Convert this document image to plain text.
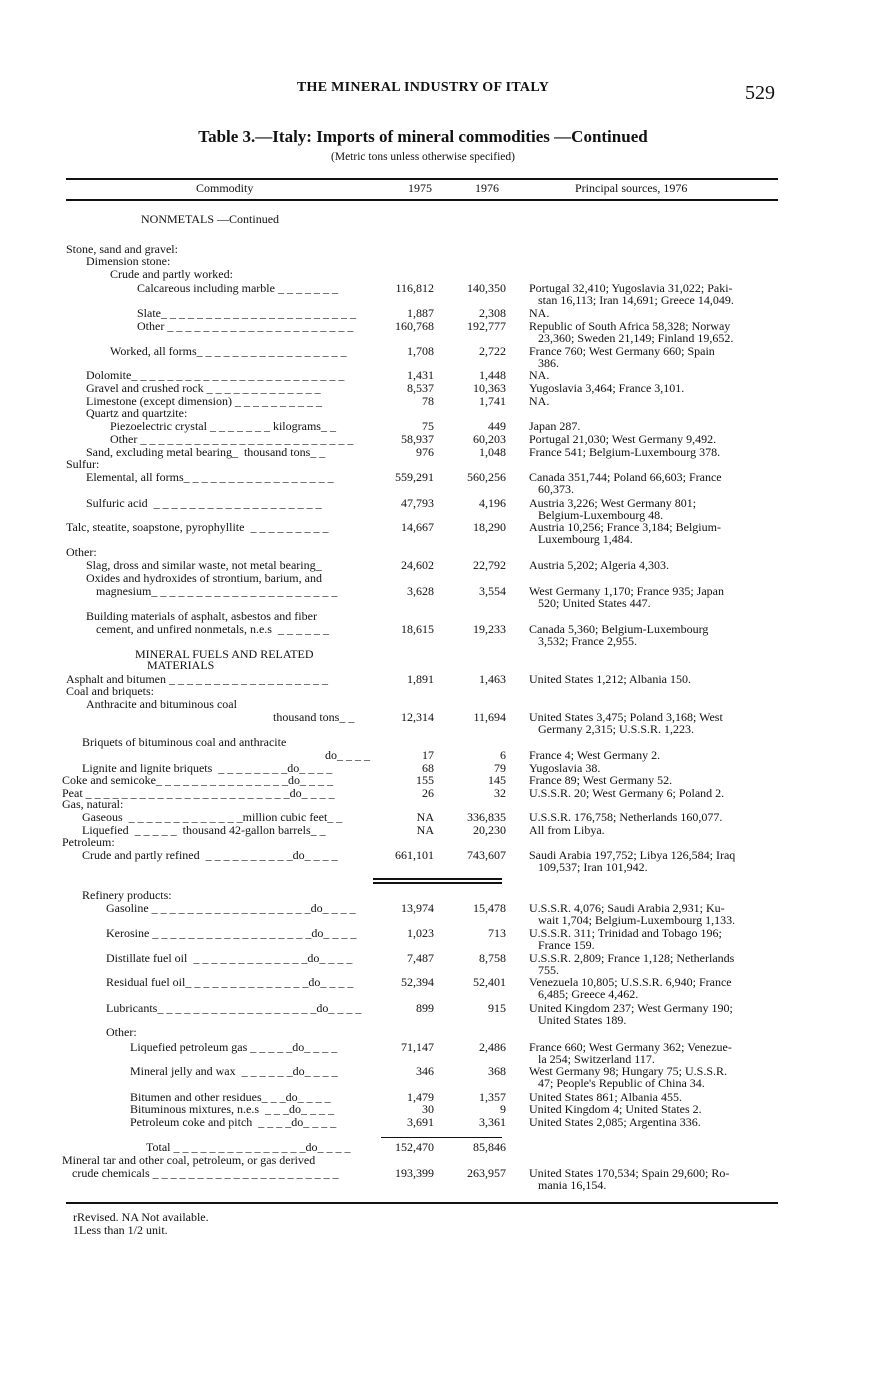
THE MINERAL INDUSTRY OF ITALY	529
Table 3.—Italy: Imports of mineral commodities —Continued
(Metric tons unless otherwise specified)
Commodity	1975	1976	Principal sources, 1976
NONMETALS —Continued
Stone, sand and gravel:
Dimension stone:
Crude and partly worked:
Calcareous including marble _ _ _ _ _ _ _	116,812	140,350 Portugal 32,410; Yugoslavia 31,022; Paki-
stan 16,113; Iran 14,691; Greece 14,049.
Slate_ _ _ _ _ _ _ _ _ _ _ _ _ _ _ _ _ _ _ _ _ _	1,887	2,308 NA.
Other _ _ _ _ _ _ _ _ _ _ _ _ _ _ _ _ _ _ _ _ _	160,768	192,777 Republic of South Africa 58,328; Norway
23,360; Sweden 21,149; Finland 19,652.
Worked, all forms_ _ _ _ _ _ _ _ _ _ _ _ _ _ _ _ _	1,708	2,722 France 760; West Germany 660; Spain
386.
Dolomite_ _ _ _ _ _ _ _ _ _ _ _ _ _ _ _ _ _ _ _ _ _ _ _	1,431	1,448 NA.
Gravel and crushed rock _ _ _ _ _ _ _ _ _ _ _ _ _	8,537	10,363 Yugoslavia 3,464; France 3,101.
Limestone (except dimension) _ _ _ _ _ _ _ _ _ _	78	1,741 NA.
Quartz and quartzite:
Piezoelectric crystal _ _ _ _ _ _ _ kilograms_ _	75	449 Japan 287.
Other _ _ _ _ _ _ _ _ _ _ _ _ _ _ _ _ _ _ _ _ _ _ _ _	58,937	60,203 Portugal 21,030; West Germany 9,492.
Sand, excluding metal bearing_  thousand tons_ _	976	1,048 France 541; Belgium-Luxembourg 378.
Sulfur:
Elemental, all forms_ _ _ _ _ _ _ _ _ _ _ _ _ _ _ _ _	559,291	560,256 Canada 351,744; Poland 66,603; France
60,373.
Sulfuric acid  _ _ _ _ _ _ _ _ _ _ _ _ _ _ _ _ _ _ _	47,793	4,196 Austria 3,226; West Germany 801;
Belgium-Luxembourg 48.
Talc, steatite, soapstone, pyrophyllite  _ _ _ _ _ _ _ _ _	14,667	18,290 Austria 10,256; France 3,184; Belgium-
Luxembourg 1,484.
Other:
Slag, dross and similar waste, not metal bearing_	24,602	22,792 Austria 5,202; Algeria 4,303.
Oxides and hydroxides of strontium, barium, and
magnesium_ _ _ _ _ _ _ _ _ _ _ _ _ _ _ _ _ _ _ _ _	3,628	3,554 West Germany 1,170; France 935; Japan
520; United States 447.
Building materials of asphalt, asbestos and fiber
cement, and unfired nonmetals, n.e.s  _ _ _ _ _ _	18,615	19,233 Canada 5,360; Belgium-Luxembourg
3,532; France 2,955.
MINERAL FUELS AND RELATED
MATERIALS
Asphalt and bitumen _ _ _ _ _ _ _ _ _ _ _ _ _ _ _ _ _ _	1,891	1,463 United States 1,212; Albania 150.
Coal and briquets:
Anthracite and bituminous coal
thousand tons_ _	12,314	11,694 United States 3,475; Poland 3,168; West
Germany 2,315; U.S.S.R. 1,223.
Briquets of bituminous coal and anthracite
do_ _ _ _	17	6 France 4; West Germany 2.
Lignite and lignite briquets  _ _ _ _ _ _ _ _do_ _ _ _	68	79 Yugoslavia 38.
Coke and semicoke_ _ _ _ _ _ _ _ _ _ _ _ _ _ _do_ _ _ _	155	145 France 89; West Germany 52.
Peat _ _ _ _ _ _ _ _ _ _ _ _ _ _ _ _ _ _ _ _ _ _ _do_ _ _ _	26	32 U.S.S.R. 20; West Germany 6; Poland 2.
Gas, natural:
Gaseous  _ _ _ _ _ _ _ _ _ _ _ _ _million cubic feet_ _	NA	336,835 U.S.S.R. 176,758; Netherlands 160,077.
Liquefied  _ _ _ _ _  thousand 42-gallon barrels_ _	NA	20,230 All from Libya.
Petroleum:
Crude and partly refined  _ _ _ _ _ _ _ _ _ _do_ _ _ _	661,101	743,607 Saudi Arabia 197,752; Libya 126,584; Iraq
109,537; Iran 101,942.
Refinery products:
Gasoline _ _ _ _ _ _ _ _ _ _ _ _ _ _ _ _ _ _do_ _ _ _	13,974	15,478 U.S.S.R. 4,076; Saudi Arabia 2,931; Ku-
wait 1,704; Belgium-Luxembourg 1,133.
Kerosine _ _ _ _ _ _ _ _ _ _ _ _ _ _ _ _ _ _do_ _ _ _	1,023	713 U.S.S.R. 311; Trinidad and Tobago 196;
France 159.
Distillate fuel oil  _ _ _ _ _ _ _ _ _ _ _ _ _do_ _ _ _	7,487	8,758 U.S.S.R. 2,809; France 1,128; Netherlands
755.
Residual fuel oil_ _ _ _ _ _ _ _ _ _ _ _ _ _do_ _ _ _	52,394	52,401 Venezuela 10,805; U.S.S.R. 6,940; France
6,485; Greece 4,462.
Lubricants_ _ _ _ _ _ _ _ _ _ _ _ _ _ _ _ _ _do_ _ _ _	899	915 United Kingdom 237; West Germany 190;
United States 189.
Other:
Liquefied petroleum gas _ _ _ _ _do_ _ _ _	71,147	2,486 France 660; West Germany 362; Venezue-
la 254; Switzerland 117.
Mineral jelly and wax  _ _ _ _ _ _do_ _ _ _	346	368 West Germany 98; Hungary 75; U.S.S.R.
47; People's Republic of China 34.
Bitumen and other residues_ _ _do_ _ _ _	1,479	1,357 United States 861; Albania 455.
Bituminous mixtures, n.e.s  _ _ _do_ _ _ _	30	9 United Kingdom 4; United States 2.
Petroleum coke and pitch  _ _ _ _do_ _ _ _	3,691	3,361 United States 2,085; Argentina 336.
Total _ _ _ _ _ _ _ _ _ _ _ _ _ _ _do_ _ _ _	152,470	85,846
Mineral tar and other coal, petroleum, or gas derived
crude chemicals _ _ _ _ _ _ _ _ _ _ _ _ _ _ _ _ _ _ _ _ _	193,399	263,957 United States 170,534; Spain 29,600; Ro-
mania 16,154.
rRevised. NA Not available.
1Less than 1/2 unit.
